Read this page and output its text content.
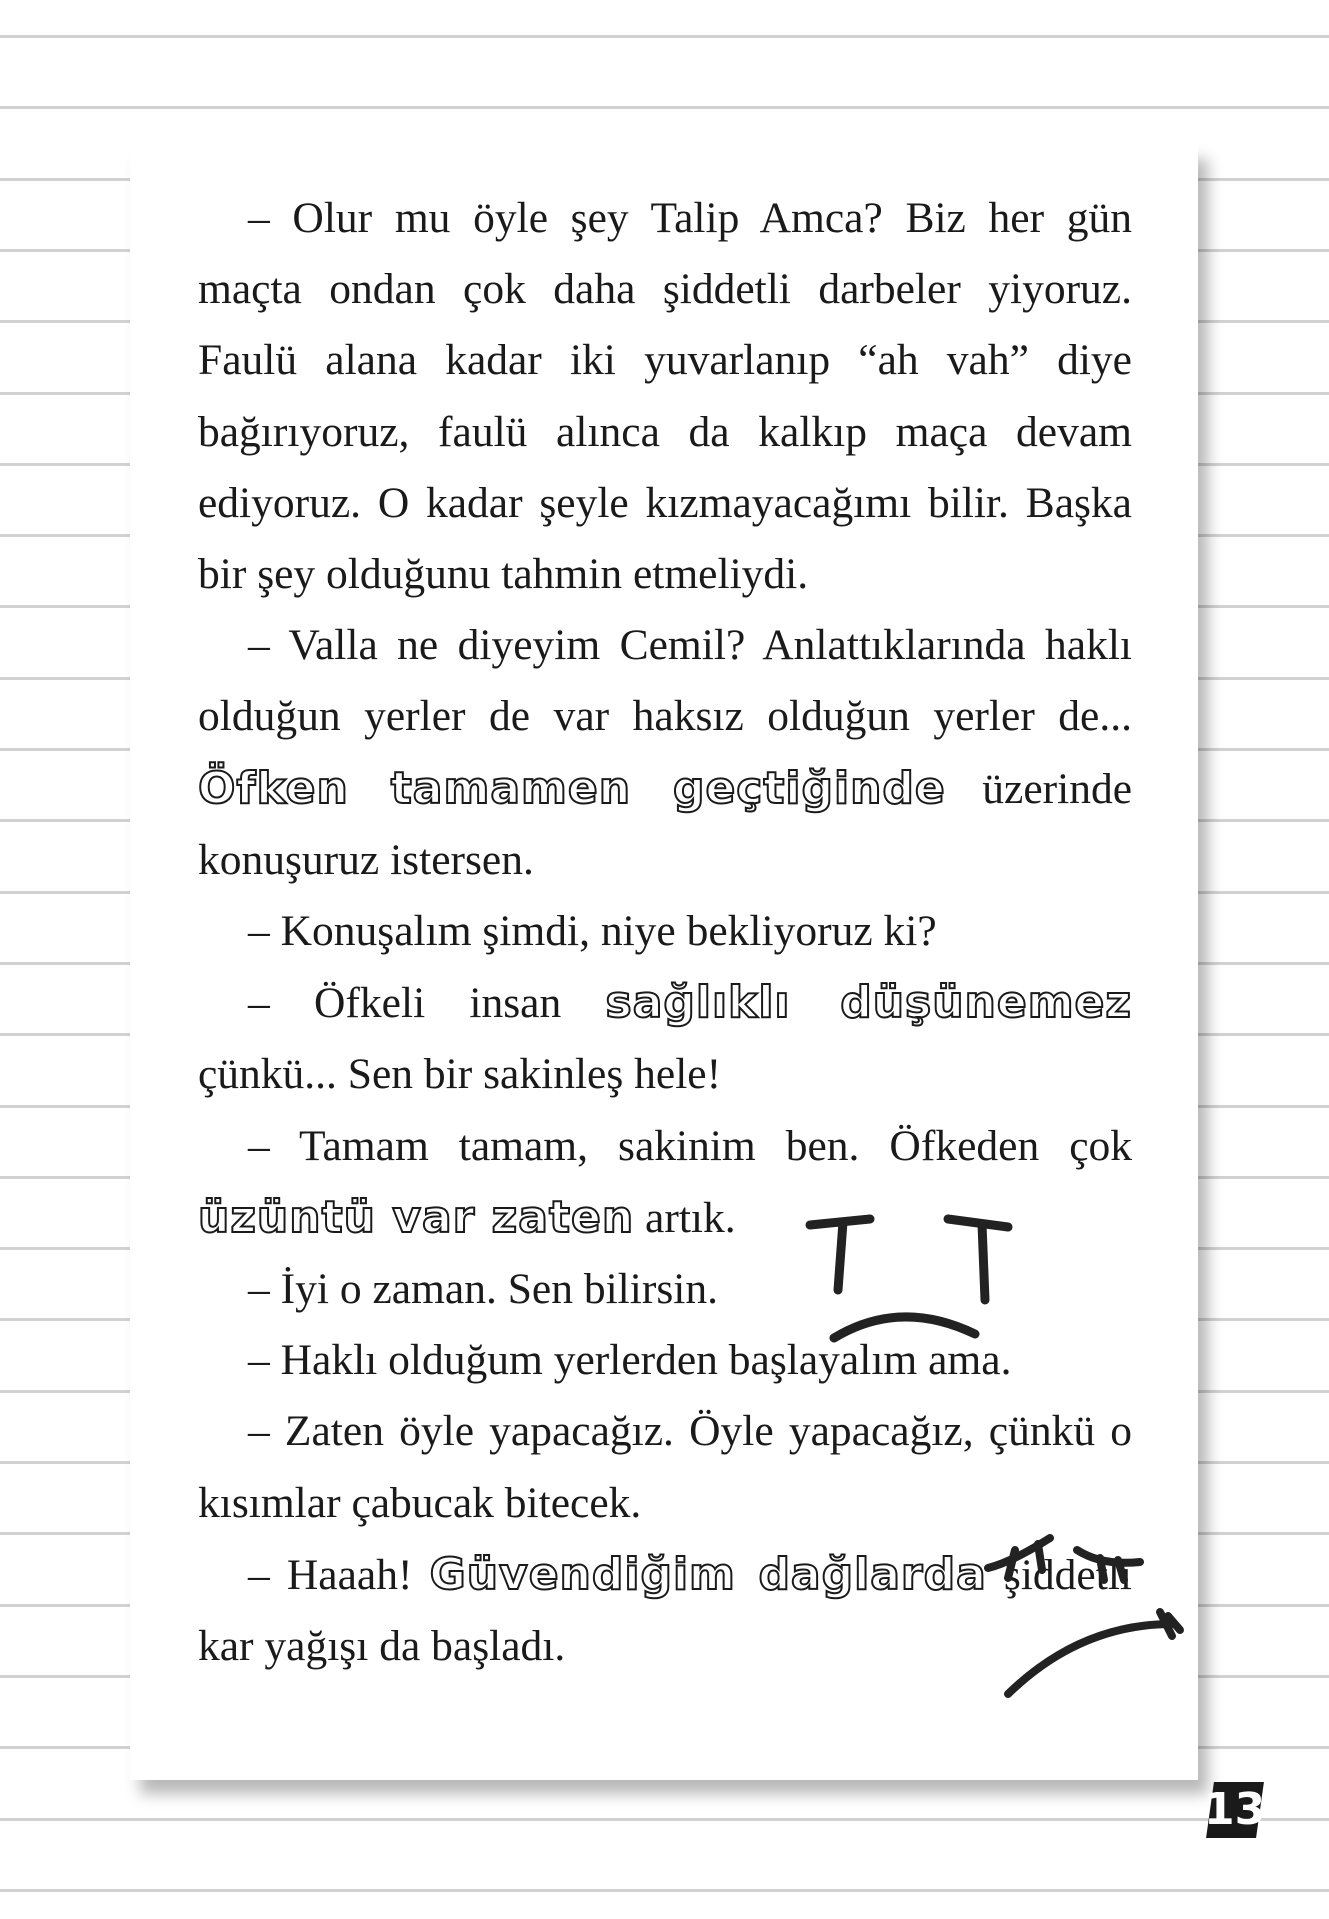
– Olur mu öyle şey Talip Amca? Biz her gün maçta ondan çok daha şiddetli darbeler yiyoruz. Faulü alana kadar iki yuvarlanıp “ah vah” diye bağırıyoruz, faulü alınca da kalkıp maça devam ediyoruz. O kadar şeyle kızmayacağımı bilir. Başka bir şey olduğunu tahmin etmeliydi.

– Valla ne diyeyim Cemil? Anlattıklarında haklı olduğun yerler de var haksız olduğun yerler de... Öfken tamamen geçtiğinde üzerinde konuşuruz istersen.

– Konuşalım şimdi, niye bekliyoruz ki?

– Öfkeli insan sağlıklı düşünemez çünkü... Sen bir sakinleş hele!

– Tamam tamam, sakinim ben. Öfkeden çok üzüntü var zaten artık.

– İyi o zaman. Sen bilirsin.

– Haklı olduğum yerlerden başlayalım ama.

– Zaten öyle yapacağız. Öyle yapacağız, çünkü o kısımlar çabucak bitecek.

– Haaah! Güvendiğim dağlarda şiddetli kar yağışı da başladı.

13
